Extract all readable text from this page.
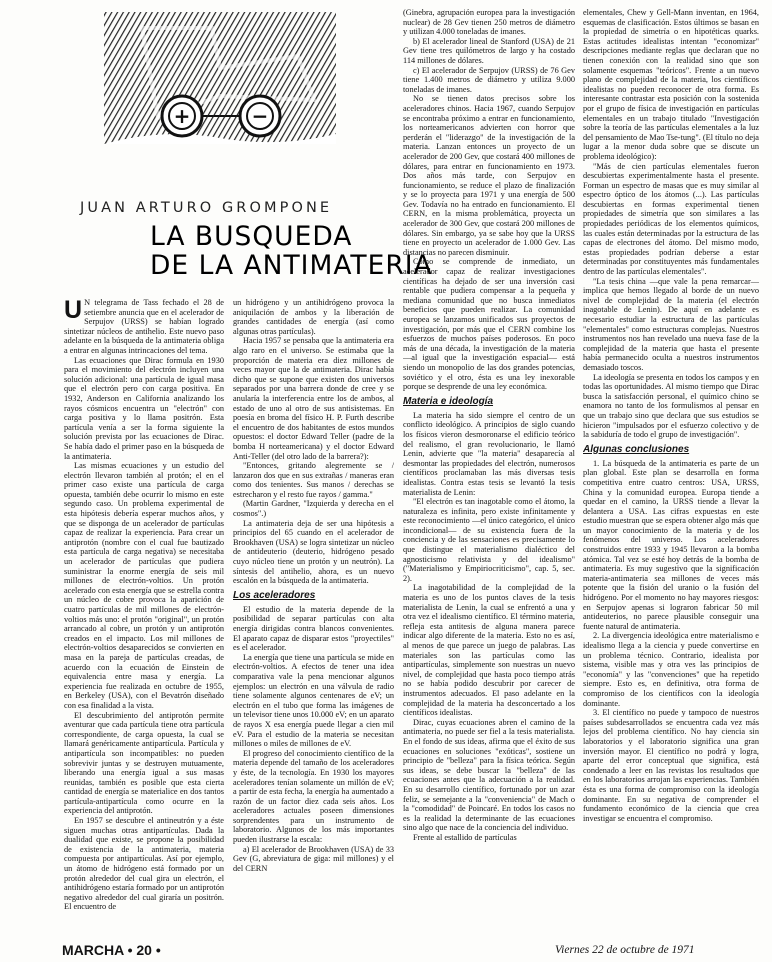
+	−
JUAN ARTURO GROMPONE
LA BUSQUEDA
DE LA ANTIMATERIA

U N telegrama de Tass fechado el 28 de setiembre anuncia que en el acelerador de Serpujov (URSS) se habían logrado sintetizar núcleos de antihelio. Este nuevo paso adelante en la búsqueda de la antimateria obliga a entrar en algunas intrincaciones del tema.

Las ecuaciones que Dirac formula en 1930 para el movimiento del electrón incluyen una solución adicional: una partícula de igual masa que el electrón pero con carga positiva. En 1932, Anderson en California analizando los rayos cósmicos encuentra un "electrón" con carga positiva y lo llama positrón. Esta partícula venía a ser la forma siguiente la solución prevista por las ecuaciones de Dirac. Se había dado el primer paso en la búsqueda de la antimateria.

Las mismas ecuaciones y un estudio del electrón llevaron también al protón; el en el primer caso existe una partícula de carga opuesta, también debe ocurrir lo mismo en este segundo caso. Un problema experimental de esta hipótesis debería esperar muchos años, y que se disponga de un acelerador de partículas capaz de realizar la experiencia. Para crear un antiprotón (nombre con el cual fue bautizado esta partícula de carga negativa) se necesitaba un acelerador de partículas que pudiera suministrar la enorme energía de seis mil millones de electrón-voltios. Un protón acelerado con esta energía que se estrella contra un núcleo de cobre provoca la aparición de cuatro partículas de mil millones de electrón-voltios más uno: el protón "original", un protón arrancado al cobre, un protón y un antiprotón creados en el impacto. Los mil millones de electrón-voltios desaparecidos se convierten en masa en la pareja de partículas creadas, de acuerdo con la ecuación de Einstein de equivalencia entre masa y energía. La experiencia fue realizada en octubre de 1955, en Berkeley (USA), con el Bevatrón diseñado con esa finalidad a la vista.

El descubrimiento del antiprotón permite aventurar que cada partícula tiene otra partícula correspondiente, de carga opuesta, la cual se llamará genéricamente antipartícula. Partícula y antipartícula son incompatibles: no pueden sobrevivir juntas y se destruyen mutuamente, liberando una energía igual a sus masas reunidas, también es posible que esta cierta cantidad de energía se materialice en dos tantos partícula-antipartícula como ocurre en la experiencia del antiprotón.

En 1957 se descubre el antineutrón y a éste siguen muchas otras antipartículas. Dada la dualidad que existe, se propone la posibilidad de existencia de la antimateria, materia compuesta por antipartículas. Así por ejemplo, un átomo de hidrógeno está formado por un protón alrededor del cual gira un electrón, el antihidrógeno estaría formado por un antiprotón negativo alrededor del cual giraría un positrón. El encuentro de

un hidrógeno y un antihidrógeno provoca la aniquilación de ambos y la liberación de grandes cantidades de energía (así como algunas otras partículas).

Hacia 1957 se pensaba que la antimateria era algo raro en el universo. Se estimaba que la proporción de materia era diez millones de veces mayor que la de antimateria. Dirac había dicho que se supone que existen dos universos separados por una barrera donde de cree y se anularía la interferencia entre los de ambos, al estado de uno al otro de sus antisistemas. En poesía en broma del físico H. P. Furth describe el encuentro de dos habitantes de estos mundos opuestos: el doctor Edward Teller (padre de la bomba H norteamericana) y el doctor Edward Anti-Teller (del otro lado de la barrera?):

"Entonces, gritando alegremente se / lanzaron dos que en sus extrañas / maneras eran como dos tenientes. Sus manos / derechas se estrecharon y el resto fue rayos / gamma."

(Martin Gardner, "Izquierda y derecha en el cosmos".)

La antimateria deja de ser una hipótesis a principios del 65 cuando en el acelerador de Brookhaven (USA) se logra sintetizar un núcleo de antideuterio (deuterio, hidrógeno pesado cuyo núcleo tiene un protón y un neutrón). La síntesis del antihelio, ahora, es un nuevo escalón en la búsqueda de la antimateria.

Los aceleradores

El estudio de la materia depende de la posibilidad de separar partículas con alta energía dirigidas contra blancos convenientes. El aparato capaz de disparar estos "proyectiles" es el acelerador.

La energía que tiene una partícula se mide en electrón-voltios. A efectos de tener una idea comparativa vale la pena mencionar algunos ejemplos: un electrón en una válvula de radio tiene solamente algunos centenares de eV; un electrón en el tubo que forma las imágenes de un televisor tiene unos 10.000 eV; en un aparato de rayos X esa energía puede llegar a cien mil eV. Para el estudio de la materia se necesitan millones o miles de millones de eV.

El progreso del conocimiento científico de la materia depende del tamaño de los aceleradores y éste, de la tecnología. En 1930 los mayores aceleradores tenían solamente un millón de eV; a partir de esta fecha, la energía ha aumentado a razón de un factor diez cada seis años. Los aceleradores actuales poseen dimensiones sorprendentes para un instrumento de laboratorio. Algunos de los más importantes pueden ilustrarse la escala:

a) El acelerador de Brookhaven (USA) de 33 Gev (G, abreviatura de giga: mil millones) y el del CERN

(Ginebra, agrupación europea para la investigación nuclear) de 28 Gev tienen 250 metros de diámetro y utilizan 4.000 toneladas de imanes.

b) El acelerador lineal de Stanford (USA) de 21 Gev tiene tres quilómetros de largo y ha costado 114 millones de dólares.

c) El acelerador de Serpujov (URSS) de 76 Gev tiene 1.400 metros de diámetro y utiliza 9.000 toneladas de imanes.

No se tienen datos precisos sobre los aceleradores chinos. Hacia 1967, cuando Serpujov se encontraba próximo a entrar en funcionamiento, los norteamericanos advierten con horror que perderán el "liderazgo" de la investigación de la materia. Lanzan entonces un proyecto de un acelerador de 200 Gev, que costará 400 millones de dólares, para entrar en funcionamiento en 1973. Dos años más tarde, con Serpujov en funcionamiento, se reduce el plazo de finalización y se lo proyecta para 1971 y una energía de 500 Gev. Todavía no ha entrado en funcionamiento. El CERN, en la misma problemática, proyecta un acelerador de 300 Gev, que costará 200 millones de dólares. Sin embargo, ya se sabe hoy que la URSS tiene en proyecto un acelerador de 1.000 Gev. Las distancias no parecen disminuir.

Como se comprende de inmediato, un acelerador capaz de realizar investigaciones científicas ha dejado de ser una inversión casi rentable que pudiera compensar a la pequeña y mediana comunidad que no busca inmediatos beneficios que pueden realizar. La comunidad europea se lanzamos unificados sus proyectos de investigación, por más que el CERN combine los esfuerzos de muchos países poderosos. En poco más de una década, la investigación de la materia —al igual que la investigación espacial— está siendo un monopolio de las dos grandes potencias, soviético y el otro, ésta es una ley inexorable porque se desprende de una ley económica.

Materia e ideología

La materia ha sido siempre el centro de un conflicto ideológico. A principios de siglo cuando los físicos vieron desmoronarse el edificio teórico del realismo, el gran revolucionario, le llamó Lenin, advierte que "la materia" desaparecía al desmontar las propiedades del electrón, numerosos científicos proclamaban las más diversas tesis idealistas. Contra estas tesis se levantó la tesis materialista de Lenin:

"El electrón es tan inagotable como el átomo, la naturaleza es infinita, pero existe infinitamente y este reconocimiento —el único categórico, el único incondicional— de su existencia fuera de la conciencia y de las sensaciones es precisamente lo que distingue el materialismo dialéctico del agnosticismo relativista y del idealismo" ("Materialismo y Empiriocriticismo", cap. 5, sec. 2).

La inagotabilidad de la complejidad de la materia es uno de los puntos claves de la tesis materialista de Lenin, la cual se enfrentó a una y otra vez el idealismo científico. El término materia, refleja esta antitesis de alguna manera parece indicar algo diferente de la materia. Esto no es así, al menos de que parece un juego de palabras. Las materiales son las partículas como las antipartículas, simplemente son nuestras un nuevo nivel, de complejidad que hasta poco tiempo atrás no se había podido descubrir por carecer de instrumentos adecuados. El paso adelante en la complejidad de la materia ha desconcertado a los científicos idealistas.

Dirac, cuyas ecuaciones abren el camino de la antimateria, no puede ser fiel a la tesis materialista. En el fondo de sus ideas, afirma que el éxito de sus ecuaciones en soluciones "exóticas", sostiene un principio de "belleza" para la física teórica. Según sus ideas, se debe buscar la "belleza" de las ecuaciones antes que la adecuación a la realidad. En su desarrollo científico, fortunado por un azar feliz, se semejante a la "conveniencia" de Mach o la "comodidad" de Poincaré. En todos los casos no es la realidad la determinante de las ecuaciones sino algo que nace de la conciencia del individuo.

Frente al estallido de partículas

elementales, Chew y Gell-Mann inventan, en 1964, esquemas de clasificación. Estos últimos se basan en la propiedad de simetría o en hipotéticas quarks. Estas actitudes idealistas intentan "economizar" descripciones mediante reglas que declaran que no tienen conexión con la realidad sino que son solamente esquemas "teóricos". Frente a un nuevo plano de complejidad de la materia, los científicos idealistas no pueden reconocer de otra forma. Es interesante contrastar esta posición con la sostenida por el grupo de física de investigación en partículas elementales en un trabajo titulado "Investigación sobre la teoría de las partículas elementales a la luz del pensamiento de Mao Tse-tung". (El título no deja lugar a la menor duda sobre que se discute un problema ideológico):

"Más de cien partículas elementales fueron descubiertas experimentalmente hasta el presente. Forman un espectro de masas que es muy similar al espectro óptico de los átomos (...). Las partículas descubiertas en formas experimental tienen propiedades de simetría que son similares a las propiedades periódicas de los elementos químicos, las cuales están determinadas por la estructura de las capas de electrones del átomo. Del mismo modo, estas propiedades podrían deberse a estar determinadas por constituyentes más fundamentales dentro de las partículas elementales".

"La tesis china —que vale la pena remarcar— implica que hemos llegado al borde de un nuevo nivel de complejidad de la materia (el electrón inagotable de Lenin). De aquí en adelante es necesario estudiar la estructura de las partículas "elementales" como estructuras complejas. Nuestros instrumentos nos han revelado una nueva fase de la complejidad de la materia que hasta el presente había permanecido oculta a nuestros instrumentos demasiado toscos.

La ideología se presenta en todos los campos y en todas las oportunidades. Al mismo tiempo que Dirac busca la satisfacción personal, el químico chino se enamora no tanto de los formulismos al pensar en que un trabajo sino que declara que sus estudios se hicieron "impulsados por el esfuerzo colectivo y de la sabiduría de todo el grupo de investigación".

Algunas conclusiones

1. La búsqueda de la antimateria es parte de un plan global. Este plan se desarrolla en forma competitiva entre cuatro centros: USA, URSS, China y la comunidad europea. Europa tiende a quedar en el camino, la URSS tiende a llevar la delantera a USA. Las cifras expuestas en este estudio muestran que se espera obtener algo más que un mayor conocimiento de la materia y de los fenómenos del universo. Los aceleradores construidos entre 1933 y 1945 llevaron a la bomba atómica. Tal vez se esté hoy detrás de la bomba de antimateria. Es muy sugestivo que la significación materia-antimateria sea millones de veces más potente que la fisión del uranio o la fusión del hidrógeno. Por el momento no hay mayores riesgos: en Serpujov apenas si lograron fabricar 50 mil antideuterios, no parece plausible conseguir una fuente natural de antimateria.

2. La divergencia ideológica entre materialismo e idealismo llega a la ciencia y puede convertirse en un problema técnico. Contrario, idealista por sistema, visible mas y otra ves las principios de "economía" y las "convenciones" que ha repetido siempre. Esto es, en definitiva, otra forma de compromiso de los científicos con la ideología dominante.

3. El científico no puede y tampoco de nuestros países subdesarrollados se encuentra cada vez más lejos del problema científico. No hay ciencia sin laboratorios y el laboratorio significa una gran inversión mayor. El científico no podrá y logra, aparte del error conceptual que significa, está condenado a leer en las revistas los resultados que en los laboratorios arrojan las experiencias. También ésta es una forma de compromiso con la ideología dominante. En su negativa de comprender el fundamento económico de la ciencia que crea investigar se encuentra el compromiso.

MARCHA • 20 •	Viernes 22 de octubre de 1971
